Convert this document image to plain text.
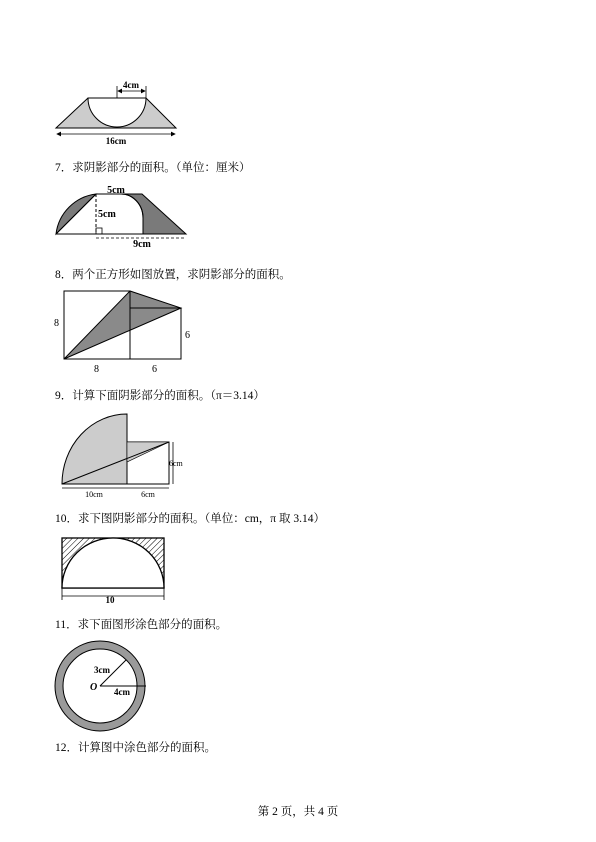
4cm
16cm
7．求阴影部分的面积。（单位：厘米）
5cm
5cm
9cm
8．两个正方形如图放置，求阴影部分的面积。
8
6
8	6
9．计算下面阴影部分的面积。（π＝3.14）
6cm
10cm	6cm
10．求下图阴影部分的面积。（单位：cm，π 取 3.14）
10
11．求下面图形涂色部分的面积。
3cm
4cm
O
12．计算图中涂色部分的面积。
第 2 页，共 4 页
